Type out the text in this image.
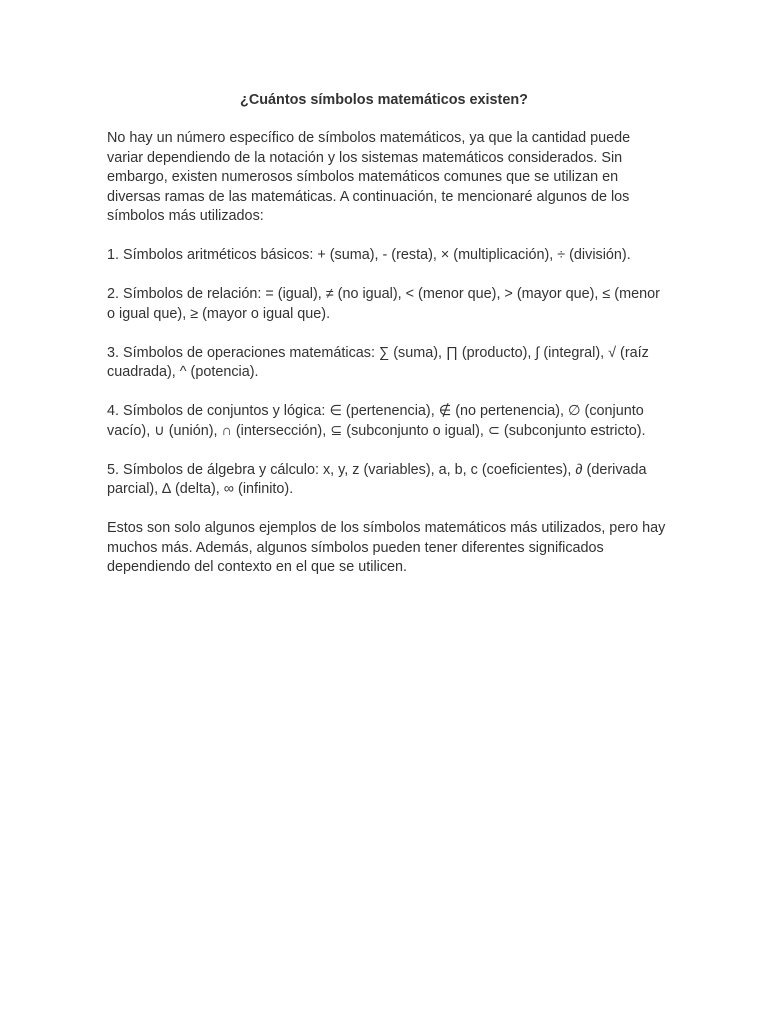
¿Cuántos símbolos matemáticos existen?

No hay un número específico de símbolos matemáticos, ya que la cantidad puede variar dependiendo de la notación y los sistemas matemáticos considerados. Sin embargo, existen numerosos símbolos matemáticos comunes que se utilizan en diversas ramas de las matemáticas. A continuación, te mencionaré algunos de los símbolos más utilizados:

1. Símbolos aritméticos básicos: + (suma), - (resta), × (multiplicación), ÷ (división).

2. Símbolos de relación: = (igual), ≠ (no igual), < (menor que), > (mayor que), ≤ (menor o igual que), ≥ (mayor o igual que).

3. Símbolos de operaciones matemáticas: ∑ (suma), ∏ (producto), ∫ (integral), √ (raíz cuadrada), ^ (potencia).

4. Símbolos de conjuntos y lógica: ∈ (pertenencia), ∉ (no pertenencia), ∅ (conjunto vacío), ∪ (unión), ∩ (intersección), ⊆ (subconjunto o igual), ⊂ (subconjunto estricto).

5. Símbolos de álgebra y cálculo: x, y, z (variables), a, b, c (coeficientes), ∂ (derivada parcial), ∆ (delta), ∞ (infinito).

Estos son solo algunos ejemplos de los símbolos matemáticos más utilizados, pero hay muchos más. Además, algunos símbolos pueden tener diferentes significados dependiendo del contexto en el que se utilicen.
